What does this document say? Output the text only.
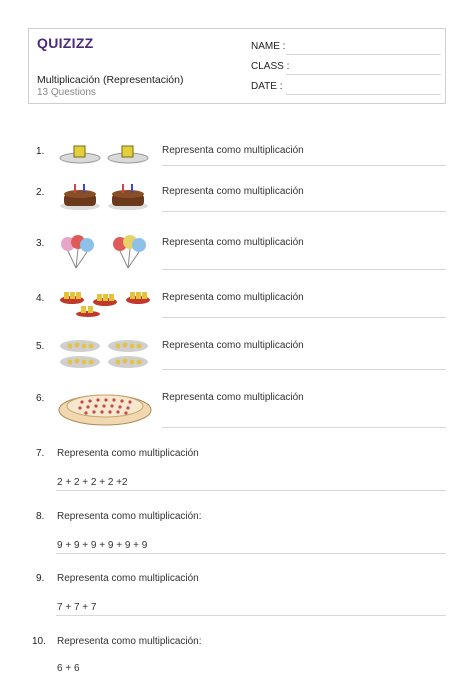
QUIZIZZ
Multiplicación (Representación)
13 Questions
NAME :
CLASS :
DATE :
1.	Representa como multiplicación
2.	Representa como multiplicación
3.	Representa como multiplicación
4.	Representa como multiplicación
5.	Representa como multiplicación
6.	Representa como multiplicación
7. Representa como multiplicación
2 + 2 + 2 + 2 +2
8. Representa como multiplicación:
9 + 9 + 9 + 9 + 9 + 9
9. Representa como multiplicación
7 + 7 + 7
10. Representa como multiplicación:
6 + 6
